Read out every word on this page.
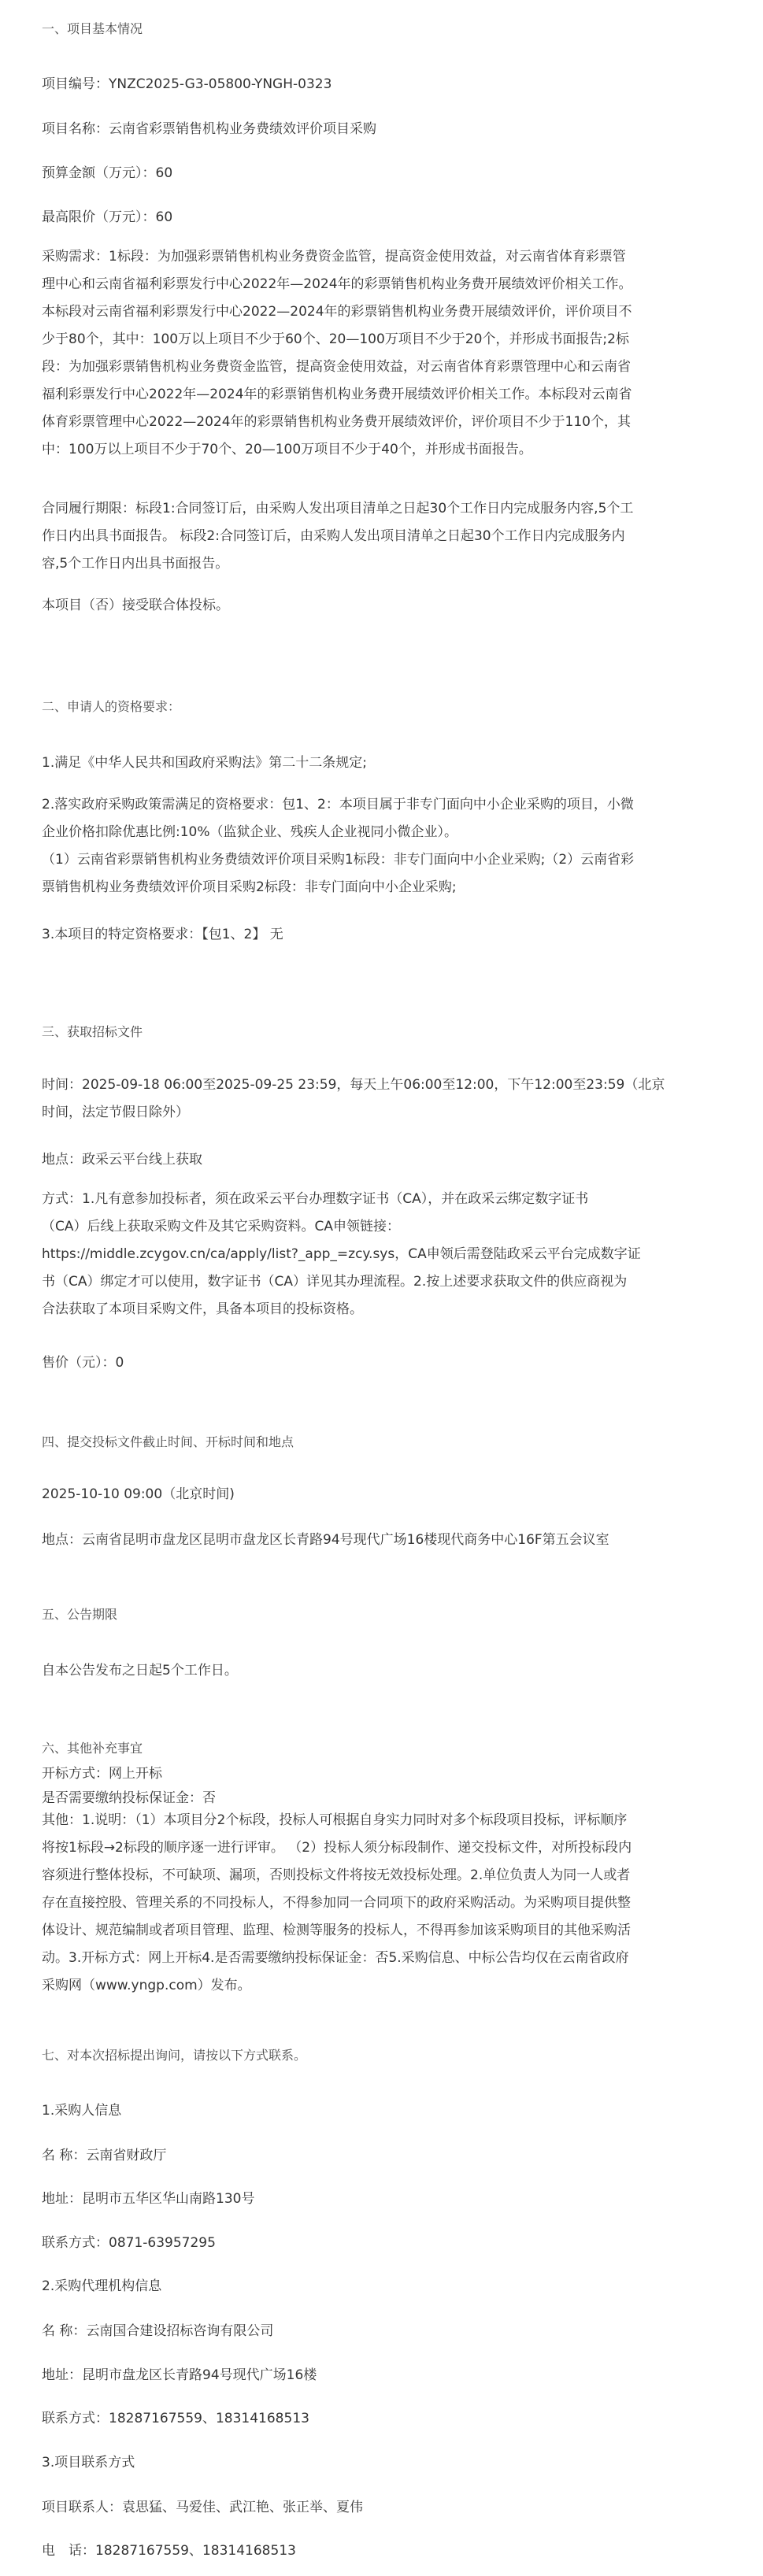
一、项目基本情况

项目编号：YNZC2025-G3-05800-YNGH-0323

项目名称：云南省彩票销售机构业务费绩效评价项目采购

预算金额（万元）：60

最高限价（万元）：60

采购需求：1标段：为加强彩票销售机构业务费资金监管，提高资金使用效益，对云南省体育彩票管
理中心和云南省福利彩票发行中心2022年—2024年的彩票销售机构业务费开展绩效评价相关工作。
本标段对云南省福利彩票发行中心2022—2024年的彩票销售机构业务费开展绩效评价，评价项目不
少于80个，其中：100万以上项目不少于60个、20—100万项目不少于20个，并形成书面报告;2标
段：为加强彩票销售机构业务费资金监管，提高资金使用效益，对云南省体育彩票管理中心和云南省
福利彩票发行中心2022年—2024年的彩票销售机构业务费开展绩效评价相关工作。本标段对云南省
体育彩票管理中心2022—2024年的彩票销售机构业务费开展绩效评价，评价项目不少于110个，其
中：100万以上项目不少于70个、20—100万项目不少于40个，并形成书面报告。
合同履行期限：标段1:合同签订后，由采购人发出项目清单之日起30个工作日内完成服务内容,5个工
作日内出具书面报告。 标段2:合同签订后，由采购人发出项目清单之日起30个工作日内完成服务内
容,5个工作日内出具书面报告。

本项目（否）接受联合体投标。

二、申请人的资格要求：

1.满足《中华人民共和国政府采购法》第二十二条规定;

2.落实政府采购政策需满足的资格要求：包1、2：本项目属于非专门面向中小企业采购的项目，小微
企业价格扣除优惠比例:10%（监狱企业、残疾人企业视同小微企业）。
（1）云南省彩票销售机构业务费绩效评价项目采购1标段：非专门面向中小企业采购;（2）云南省彩
票销售机构业务费绩效评价项目采购2标段：非专门面向中小企业采购;

3.本项目的特定资格要求：【包1、2】 无

三、获取招标文件

时间：2025-09-18 06:00至2025-09-25 23:59，每天上午06:00至12:00，下午12:00至23:59（北京
时间，法定节假日除外）

地点：政采云平台线上获取

方式：1.凡有意参加投标者，须在政采云平台办理数字证书（CA），并在政采云绑定数字证书
（CA）后线上获取采购文件及其它采购资料。CA申领链接：
https://middle.zcygov.cn/ca/apply/list?_app_=zcy.sys，CA申领后需登陆政采云平台完成数字证
书（CA）绑定才可以使用，数字证书（CA）详见其办理流程。2.按上述要求获取文件的供应商视为
合法获取了本项目采购文件，具备本项目的投标资格。

售价（元）：0

四、提交投标文件截止时间、开标时间和地点

2025-10-10 09:00（北京时间)

地点：云南省昆明市盘龙区昆明市盘龙区长青路94号现代广场16楼现代商务中心16F第五会议室

五、公告期限

自本公告发布之日起5个工作日。

六、其他补充事宜

开标方式：网上开标

是否需要缴纳投标保证金：否

其他：1.说明：（1）本项目分2个标段，投标人可根据自身实力同时对多个标段项目投标，评标顺序
将按1标段→2标段的顺序逐一进行评审。 （2）投标人须分标段制作、递交投标文件，对所投标段内
容须进行整体投标，不可缺项、漏项，否则投标文件将按无效投标处理。2.单位负责人为同一人或者
存在直接控股、管理关系的不同投标人，不得参加同一合同项下的政府采购活动。为采购项目提供整
体设计、规范编制或者项目管理、监理、检测等服务的投标人，不得再参加该采购项目的其他采购活
动。3.开标方式：网上开标4.是否需要缴纳投标保证金：否5.采购信息、中标公告均仅在云南省政府
采购网（www.yngp.com）发布。

七、对本次招标提出询问，请按以下方式联系。

1.采购人信息

名 称：云南省财政厅

地址：昆明市五华区华山南路130号

联系方式：0871-63957295

2.采购代理机构信息

名 称：云南国合建设招标咨询有限公司

地址：昆明市盘龙区长青路94号现代广场16楼

联系方式：18287167559、18314168513

3.项目联系方式

项目联系人：袁思猛、马爱佳、武江艳、张正举、夏伟

电　话：18287167559、18314168513
